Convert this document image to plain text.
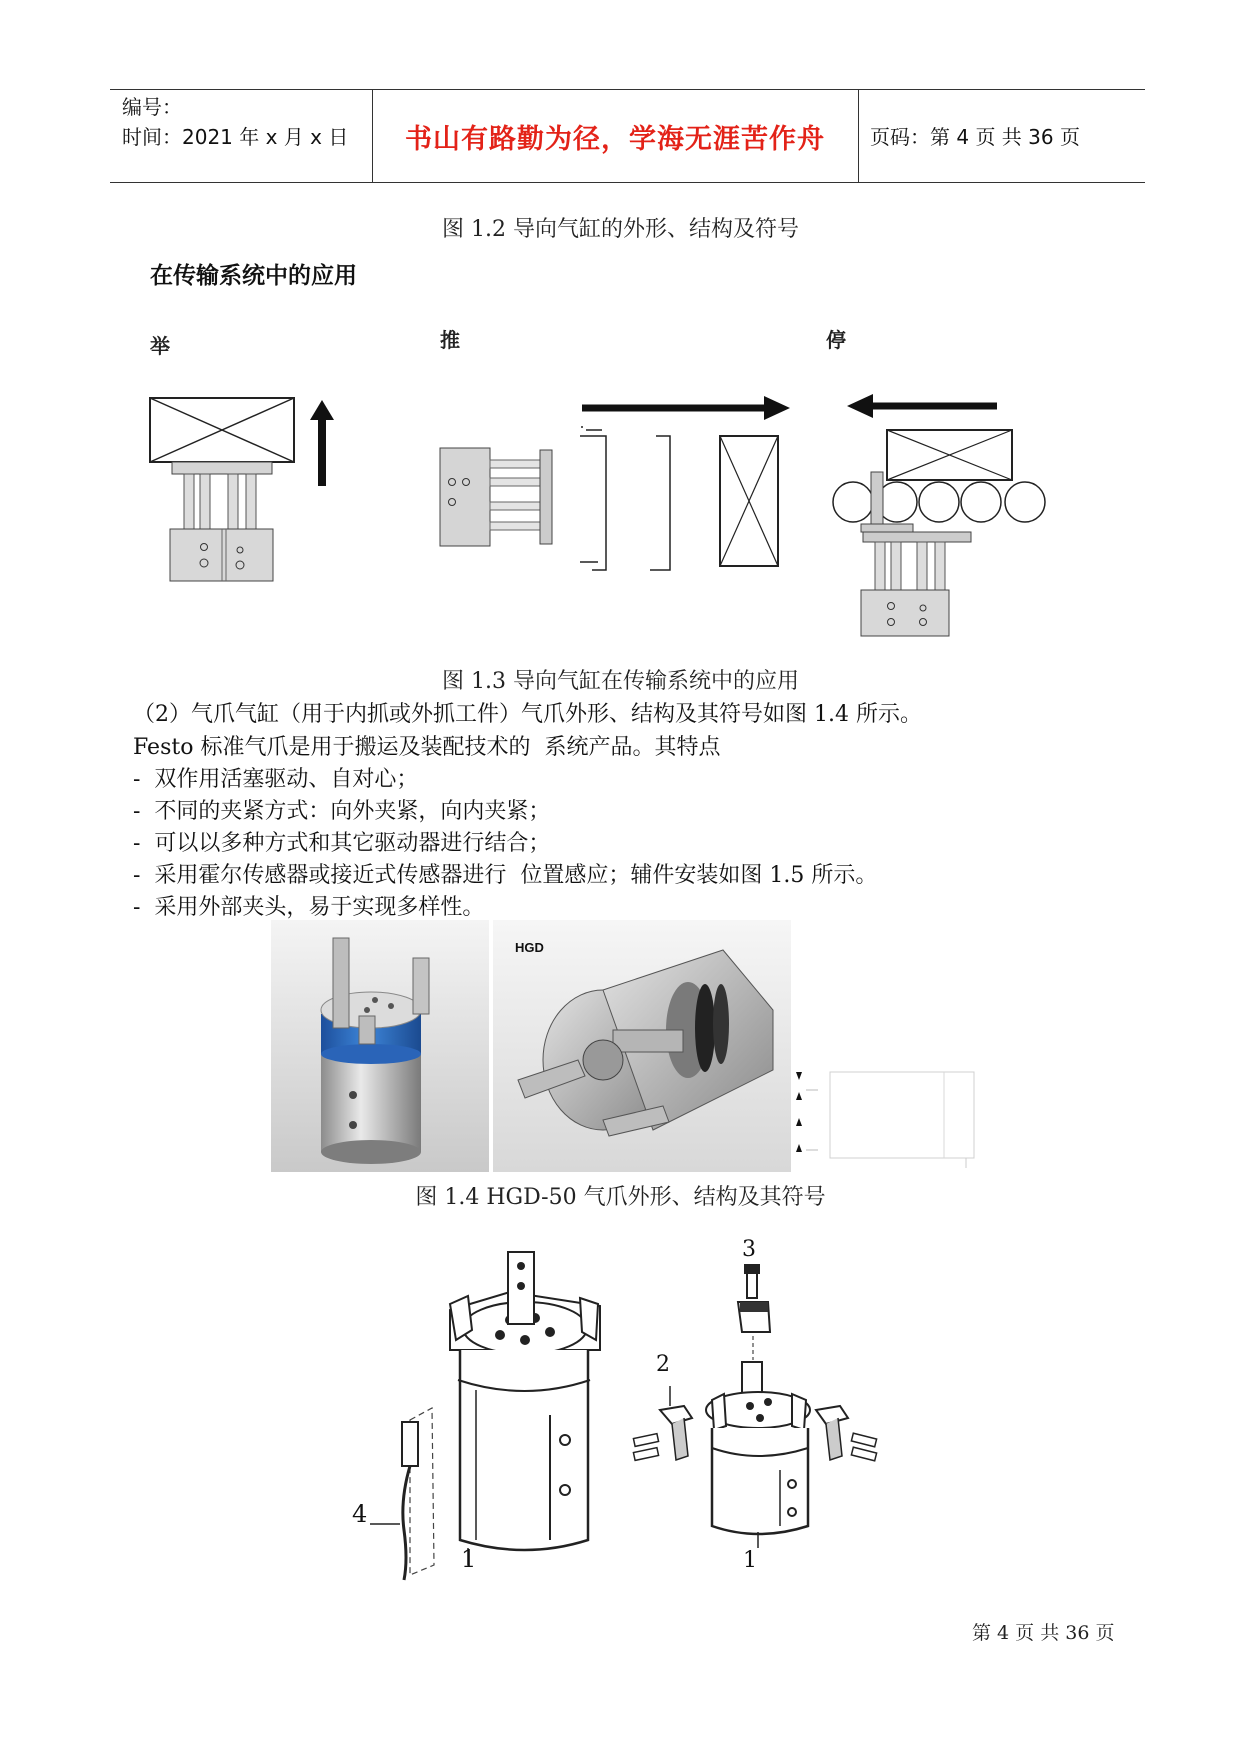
编号：
时间：2021 年 x 月 x 日	书山有路勤为径，学海无涯苦作舟	页码：第 4 页 共 36 页
图 1.2 导向气缸的外形、结构及符号
在传输系统中的应用
举	推	停
图 1.3 导向气缸在传输系统中的应用
（2）气爪气缸（用于内抓或外抓工件）气爪外形、结构及其符号如图 1.4 所示。
Festo 标准气爪是用于搬运及装配技术的  系统产品。其特点
-  双作用活塞驱动、自对心；
-  不同的夹紧方式：向外夹紧，向内夹紧；
-  可以以多种方式和其它驱动器进行结合；
-  采用霍尔传感器或接近式传感器进行  位置感应；辅件安装如图 1.5 所示。
-  采用外部夹头，易于实现多样性。
HGD
图 1.4 HGD-50 气爪外形、结构及其符号
4
1
3
2
1
第 4 页 共 36 页
